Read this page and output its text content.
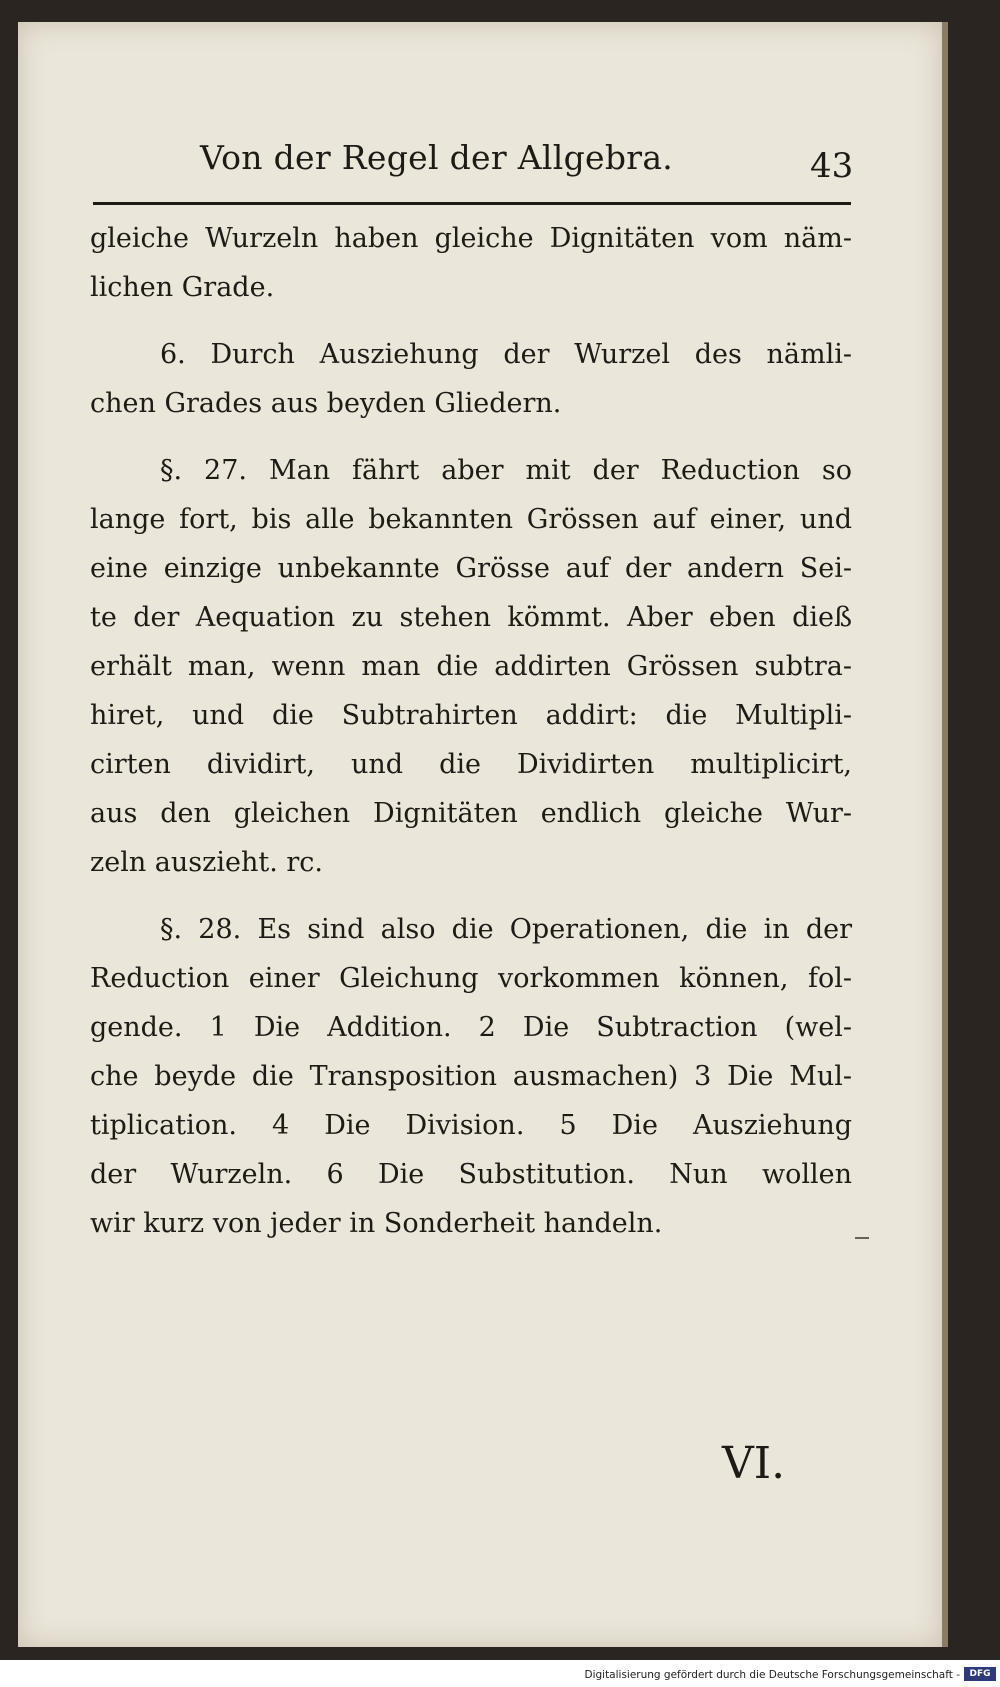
Von der Regel der Allgebra.	43
gleiche Wurzeln haben gleiche Dignitäten vom näm-
lichen Grade.
6. Durch Ausziehung der Wurzel des nämli-
chen Grades aus beyden Gliedern.
§. 27. Man fährt aber mit der Reduction so
lange fort, bis alle bekannten Grössen auf einer, und
eine einzige unbekannte Grösse auf der andern Sei-
te der Aequation zu stehen kömmt. Aber eben dieß
erhält man, wenn man die addirten Grössen subtra-
hiret, und die Subtrahirten addirt: die Multipli-
cirten dividirt, und die Dividirten multiplicirt,
aus den gleichen Dignitäten endlich gleiche Wur-
zeln auszieht. rc.
§. 28. Es sind also die Operationen, die in der
Reduction einer Gleichung vorkommen können, fol-
gende. 1 Die Addition. 2 Die Subtraction (wel-
che beyde die Transposition ausmachen) 3 Die Mul-
tiplication. 4 Die Division. 5 Die Ausziehung
der Wurzeln. 6 Die Substitution. Nun wollen
wir kurz von jeder in Sonderheit handeln.
VI.
Digitalisierung gefördert durch die Deutsche Forschungsgemeinschaft -	DFG
